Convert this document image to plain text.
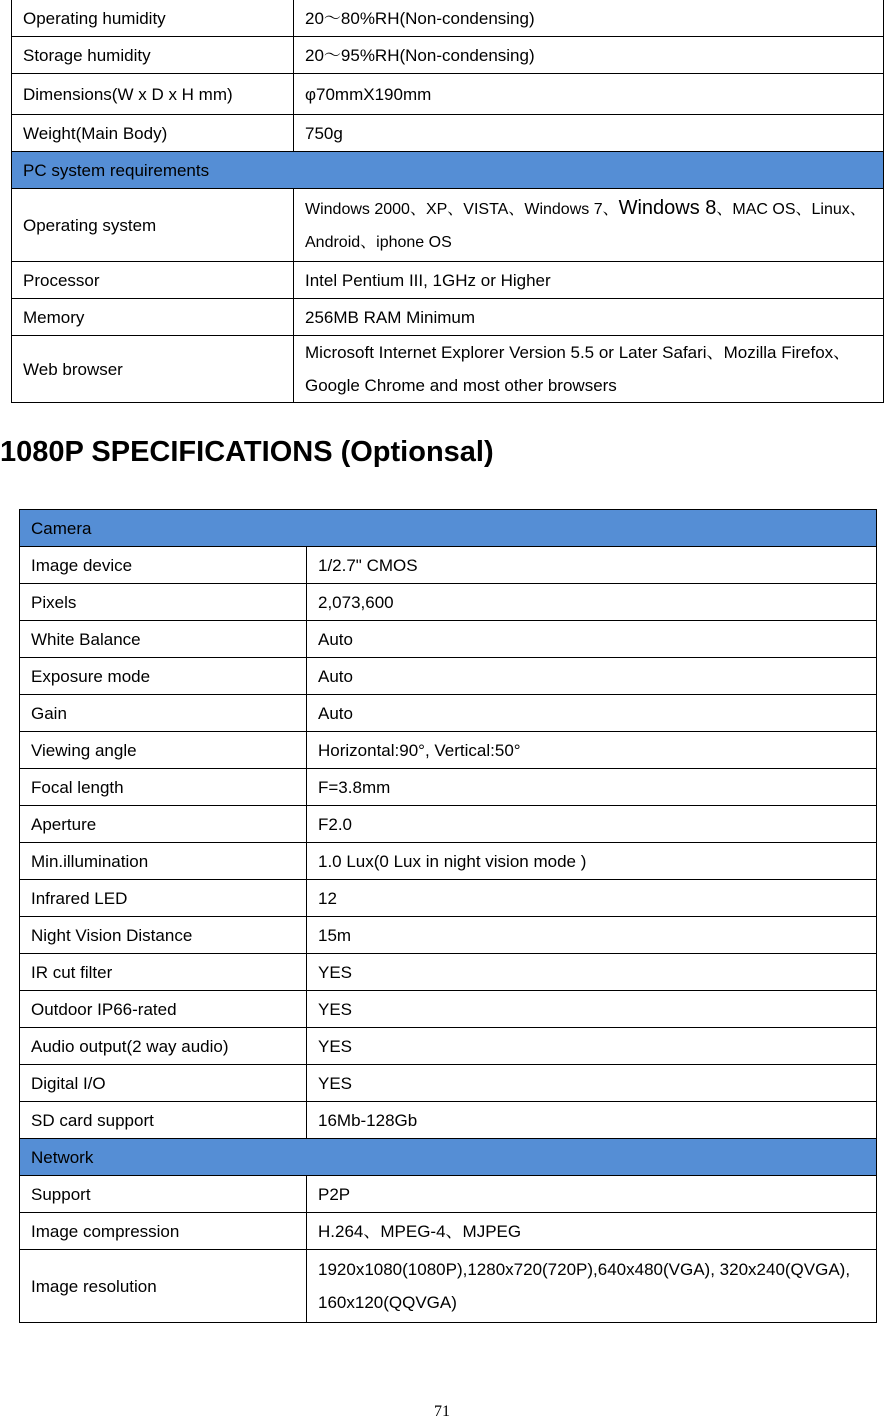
Operating humidity	20～80%RH(Non-condensing)
Storage humidity	20～95%RH(Non-condensing)
Dimensions(W x D x H mm)	φ70mmX190mm
Weight(Main Body)	750g
PC system requirements	
Operating system	Windows 2000、XP、VISTA、Windows 7、Windows 8、MAC OS、Linux、Android、iphone OS
Processor	Intel Pentium III, 1GHz or Higher
Memory	256MB RAM Minimum
Web browser	Microsoft Internet Explorer Version 5.5 or Later Safari、Mozilla Firefox、Google Chrome and most other browsers
1080P SPECIFICATIONS (Optionsal)
Camera	
Image device	1/2.7" CMOS
Pixels	2,073,600
White Balance	Auto
Exposure mode	Auto
Gain	Auto
Viewing angle	Horizontal:90°, Vertical:50°
Focal length	F=3.8mm
Aperture	F2.0
Min.illumination	1.0 Lux(0 Lux in night vision mode )
Infrared LED	12
Night Vision Distance	15m
IR cut filter	YES
Outdoor IP66-rated	YES
Audio output(2 way audio)	YES
Digital I/O	YES
SD card support	16Mb-128Gb
Network	
Support	P2P
Image compression	H.264、MPEG-4、MJPEG
Image resolution	1920x1080(1080P),1280x720(720P),640x480(VGA), 320x240(QVGA), 160x120(QQVGA)
71
